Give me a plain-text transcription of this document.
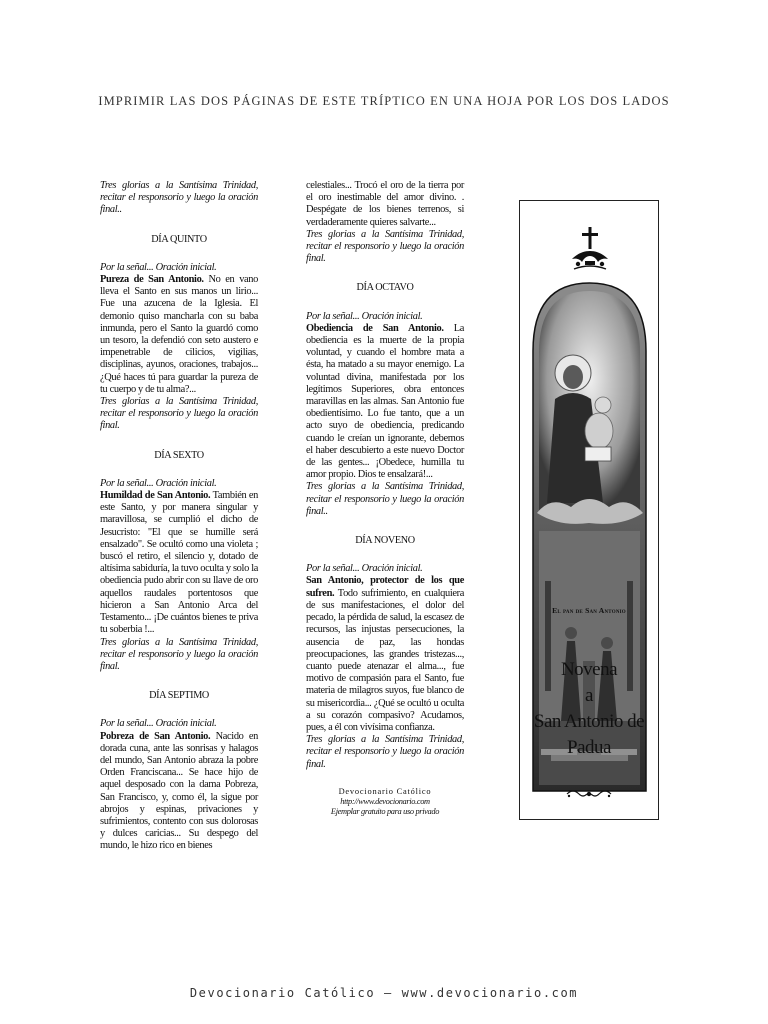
IMPRIMIR LAS DOS PÁGINAS DE ESTE TRÍPTICO EN UNA HOJA POR LOS DOS LADOS

Tres glorias a la Santísima Trinidad, recitar el responsorio y luego la oración final..

DÍA QUINTO

Por la señal... Oración inicial.

Pureza de San Antonio. No en vano lleva el Santo en sus manos un lirio... Fue una azucena de la Iglesia. El demonio quiso mancharla con su baba inmunda, pero el Santo la guardó como un tesoro, la defendió con seto austero e impenetrable de cilicios, vigilias, disciplinas, ayunos, oraciones, trabajos... ¿Qué haces tú para guardar la pureza de tu cuerpo y de tu alma?...

Tres glorias a la Santísima Trinidad, recitar el responsorio y luego la oración final.

DÍA SEXTO

Por la señal... Oración inicial.

Humildad de San Antonio. También en este Santo, y por manera singular y maravillosa, se cumplió el dicho de Jesucristo: "El que se humille será ensalzado". Se ocultó como una violeta ; buscó el retiro, el silencio y, dotado de altísima sabiduría, la tuvo oculta y solo la obediencia pudo abrir con su llave de oro aquellos raudales portentosos que hicieron a San Antonio Arca del Testamento... ¡De cuántos bienes te priva tu soberbia !...

Tres glorias a la Santísima Trinidad, recitar el responsorio y luego la oración final.

DÍA SEPTIMO

Por la señal... Oración inicial.

Pobreza de San Antonio. Nacido en dorada cuna, ante las sonrisas y halagos del mundo, San Antonio abraza la pobre Orden Franciscana... Se hace hijo de aquel desposado con la dama Pobreza, San Francisco, y, como él, la sigue por abrojos y espinas, privaciones y sufrimientos, contento con sus dolorosas y dulces caricias... Su despego del mundo, le hizo rico en bienes

celestiales... Trocó el oro de la tierra por el oro inestimable del amor divino. . Despégate de los bienes terrenos, si verdaderamente quieres salvarte...

Tres glorias a la Santísima Trinidad, recitar el responsorio y luego la oración final.

DÍA OCTAVO

Por la señal... Oración inicial.

Obediencia de San Antonio. La obediencia es la muerte de la propia voluntad, y cuando el hombre mata a ésta, ha matado a su mayor enemigo. La voluntad divina, manifestada por los legítimos Superiores, obra entonces maravillas en las almas. San Antonio fue obedientísimo. Lo fue tanto, que a un acto suyo de obediencia, predicando cuando le creían un ignorante, debemos el haber descubierto a este nuevo Doctor de las gentes... ¡Obedece, humilla tu amor propio. Dios te ensalzará!...

Tres glorias a la Santísima Trinidad, recitar el responsorio y luego la oración final..

DÍA NOVENO

Por la señal... Oración inicial.

San Antonio, protector de los que sufren. Todo sufrimiento, en cualquiera de sus manifestaciones, el dolor del pecado, la pérdida de salud, la escasez de recursos, las injustas persecuciones, la ausencia de paz, las hondas preocupaciones, las grandes tristezas..., cuanto puede atenazar el alma..., fue motivo de compasión para el Santo, fue materia de milagros suyos, fue blanco de su misericordia... ¿Qué se ocultó u oculta a su corazón compasivo? Acudamos, pues, a él con vivísima confianza.

Tres glorias a la Santísima Trinidad, recitar el responsorio y luego la oración final.

Devocionario Católico
http://www.devocionario.com
Ejemplar gratuito para uso privado
El pan de San Antonio
Novena
a
San Antonio de Padua
Devocionario Católico – www.devocionario.com
